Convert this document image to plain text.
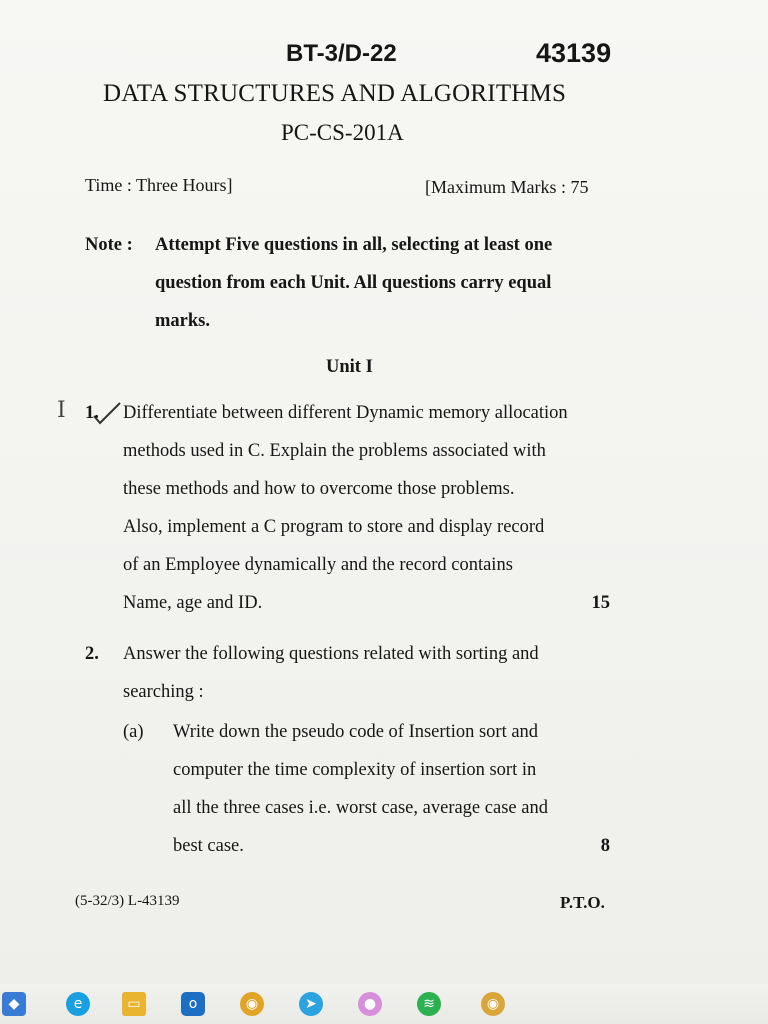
BT-3/D-22	43139
DATA STRUCTURES AND ALGORITHMS
PC-CS-201A
Time : Three Hours]	[Maximum Marks : 75
Note : Attempt Five questions in all, selecting at least one
question from each Unit. All questions carry equal
marks.
Unit I
I 1. Differentiate between different Dynamic memory allocation
methods used in C. Explain the problems associated with
these methods and how to overcome those problems.
Also, implement a C program to store and display record
of an Employee dynamically and the record contains
Name, age and ID.	15
2. Answer the following questions related with sorting and
searching :
(a) Write down the pseudo code of Insertion sort and
computer the time complexity of insertion sort in
all the three cases i.e. worst case, average case and
best case.	8
(5-32/3) L-43139	P.T.O.
◆	e	▭	o	◉	➤	●	≋	◉
